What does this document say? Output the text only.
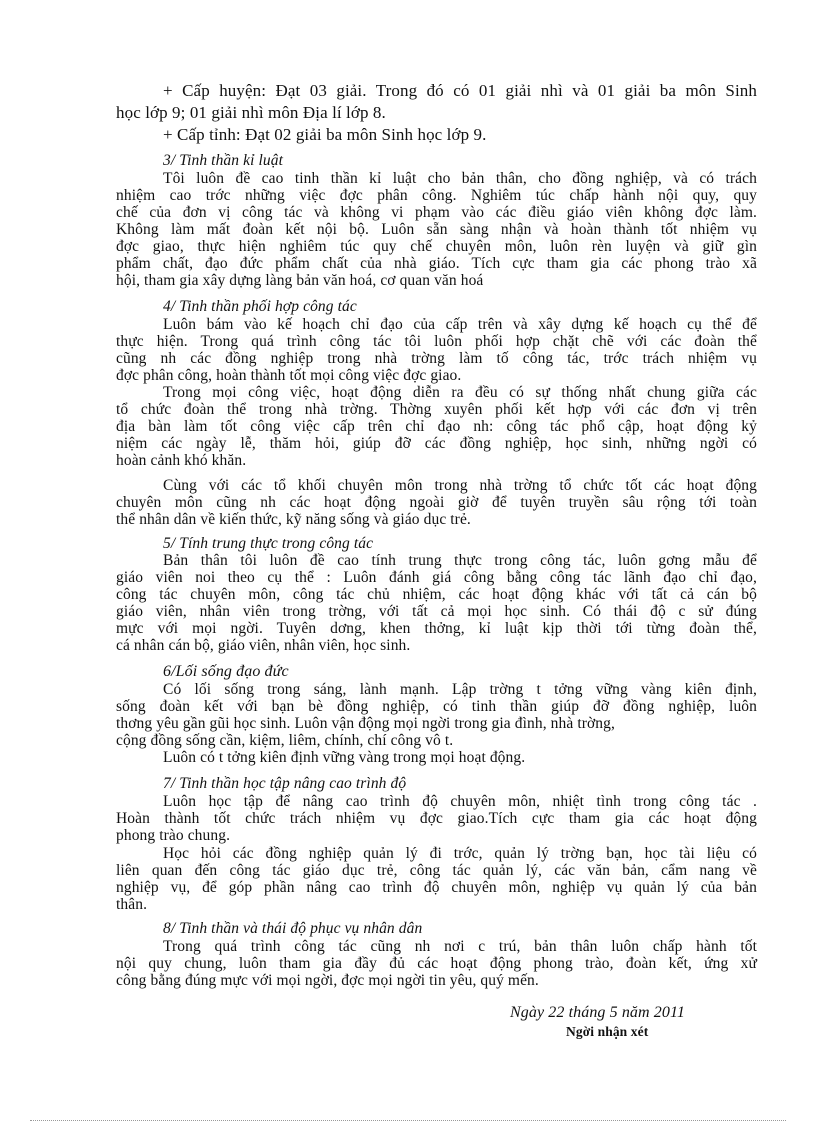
+ Cấp huyện: Đạt 03 giải. Trong đó có 01 giải nhì và 01 giải ba môn Sinh
học lớp 9; 01 giải nhì môn Địa lí lớp 8.
+ Cấp tỉnh: Đạt 02 giải ba môn Sinh học lớp 9.
3/ Tinh thần kỉ luật
Tôi luôn đề cao tinh thần kỉ luật cho bản thân, cho đồng nghiệp, và có trách
nhiệm cao trớc những việc đợc phân công. Nghiêm túc chấp hành nội quy, quy
chế của đơn vị công tác và không vi phạm vào các điều giáo viên không đợc làm.
Không làm mất đoàn kết nội bộ. Luôn sẵn sàng nhận và hoàn thành tốt nhiệm vụ
đợc giao, thực hiện nghiêm túc quy chế chuyên môn, luôn rèn luyện và giữ gìn
phẩm chất, đạo đức phẩm chất của nhà giáo. Tích cực tham gia các phong trào xã
hội, tham gia xây dựng làng bản văn hoá, cơ quan văn hoá
4/ Tinh thần phối hợp công tác
Luôn bám vào kế hoạch chỉ đạo của cấp trên và xây dựng kế hoạch cụ thể để
thực hiện. Trong quá trình công tác tôi luôn phối hợp chặt chẽ với các đoàn thể
cũng nh các đồng nghiệp trong nhà trờng làm tố công tác, trớc trách nhiệm vụ
đợc phân công, hoàn thành tốt mọi công việc đợc giao.
Trong mọi công việc, hoạt động diễn ra đều có sự thống nhất chung giữa các
tổ chức đoàn thể trong nhà trờng. Thờng xuyên phối kết hợp với các đơn vị trên
địa bàn làm tốt công việc cấp trên chỉ đạo nh: công tác phổ cập, hoạt động kỷ
niệm các ngày lễ, thăm hỏi, giúp đỡ các đồng nghiệp, học sinh, những ngời có
hoàn cảnh khó khăn.
Cùng với các tổ khối chuyên môn trong nhà trờng tổ chức tốt các hoạt động
chuyên môn cũng nh các hoạt động ngoài giờ để tuyên truyền sâu rộng tới toàn
thể nhân dân về kiến thức, kỹ năng sống và giáo dục trẻ.
5/ Tính trung thực trong công tác
Bản thân tôi luôn đề cao tính trung thực trong công tác, luôn gơng mẫu để
giáo viên noi theo cụ thể : Luôn đánh giá công bằng công tác lãnh đạo chỉ đạo,
công tác chuyên môn, công tác chủ nhiệm, các hoạt động khác với tất cả cán bộ
giáo viên, nhân viên trong trờng, với tất cả mọi học sinh. Có thái độ c sử đúng
mực với mọi ngời. Tuyên dơng, khen thởng, kỉ luật kịp thời tới từng đoàn thể,
cá nhân cán bộ, giáo viên, nhân viên, học sinh.
6/Lối sống đạo đức
Có lối sống trong sáng, lành mạnh. Lập trờng t tởng vững vàng kiên định,
sống đoàn kết với bạn bè đồng nghiệp, có tinh thần giúp đỡ đồng nghiệp, luôn
thơng yêu gần gũi học sinh. Luôn vận động mọi ngời trong gia đình, nhà trờng,
cộng đồng sống cần, kiệm, liêm, chính, chí công vô t.
Luôn có t tởng kiên định vững vàng trong mọi hoạt động.
7/ Tinh thần học tập nâng cao trình độ
Luôn học tập để nâng cao trình độ chuyên môn, nhiệt tình trong công tác .
Hoàn thành tốt chức trách nhiệm vụ đợc giao.Tích cực tham gia các hoạt động
phong trào chung.
Học hỏi các đồng nghiệp quản lý đi trớc, quản lý trờng bạn, học tài liệu có
liên quan đến công tác giáo dục trẻ, công tác quản lý, các văn bản, cẩm nang về
nghiệp vụ, để góp phần nâng cao trình độ chuyên môn, nghiệp vụ quản lý của bản
thân.
8/ Tinh thần và thái độ phục vụ nhân dân
Trong quá trình công tác cũng nh nơi c trú, bản thân luôn chấp hành tốt
nội quy chung, luôn tham gia đầy đủ các hoạt động phong trào, đoàn kết, ứng xử
công bằng đúng mực với mọi ngời, đợc mọi ngời tin yêu, quý mến.
Ngày 22 tháng 5 năm 2011
Ngời nhận xét
